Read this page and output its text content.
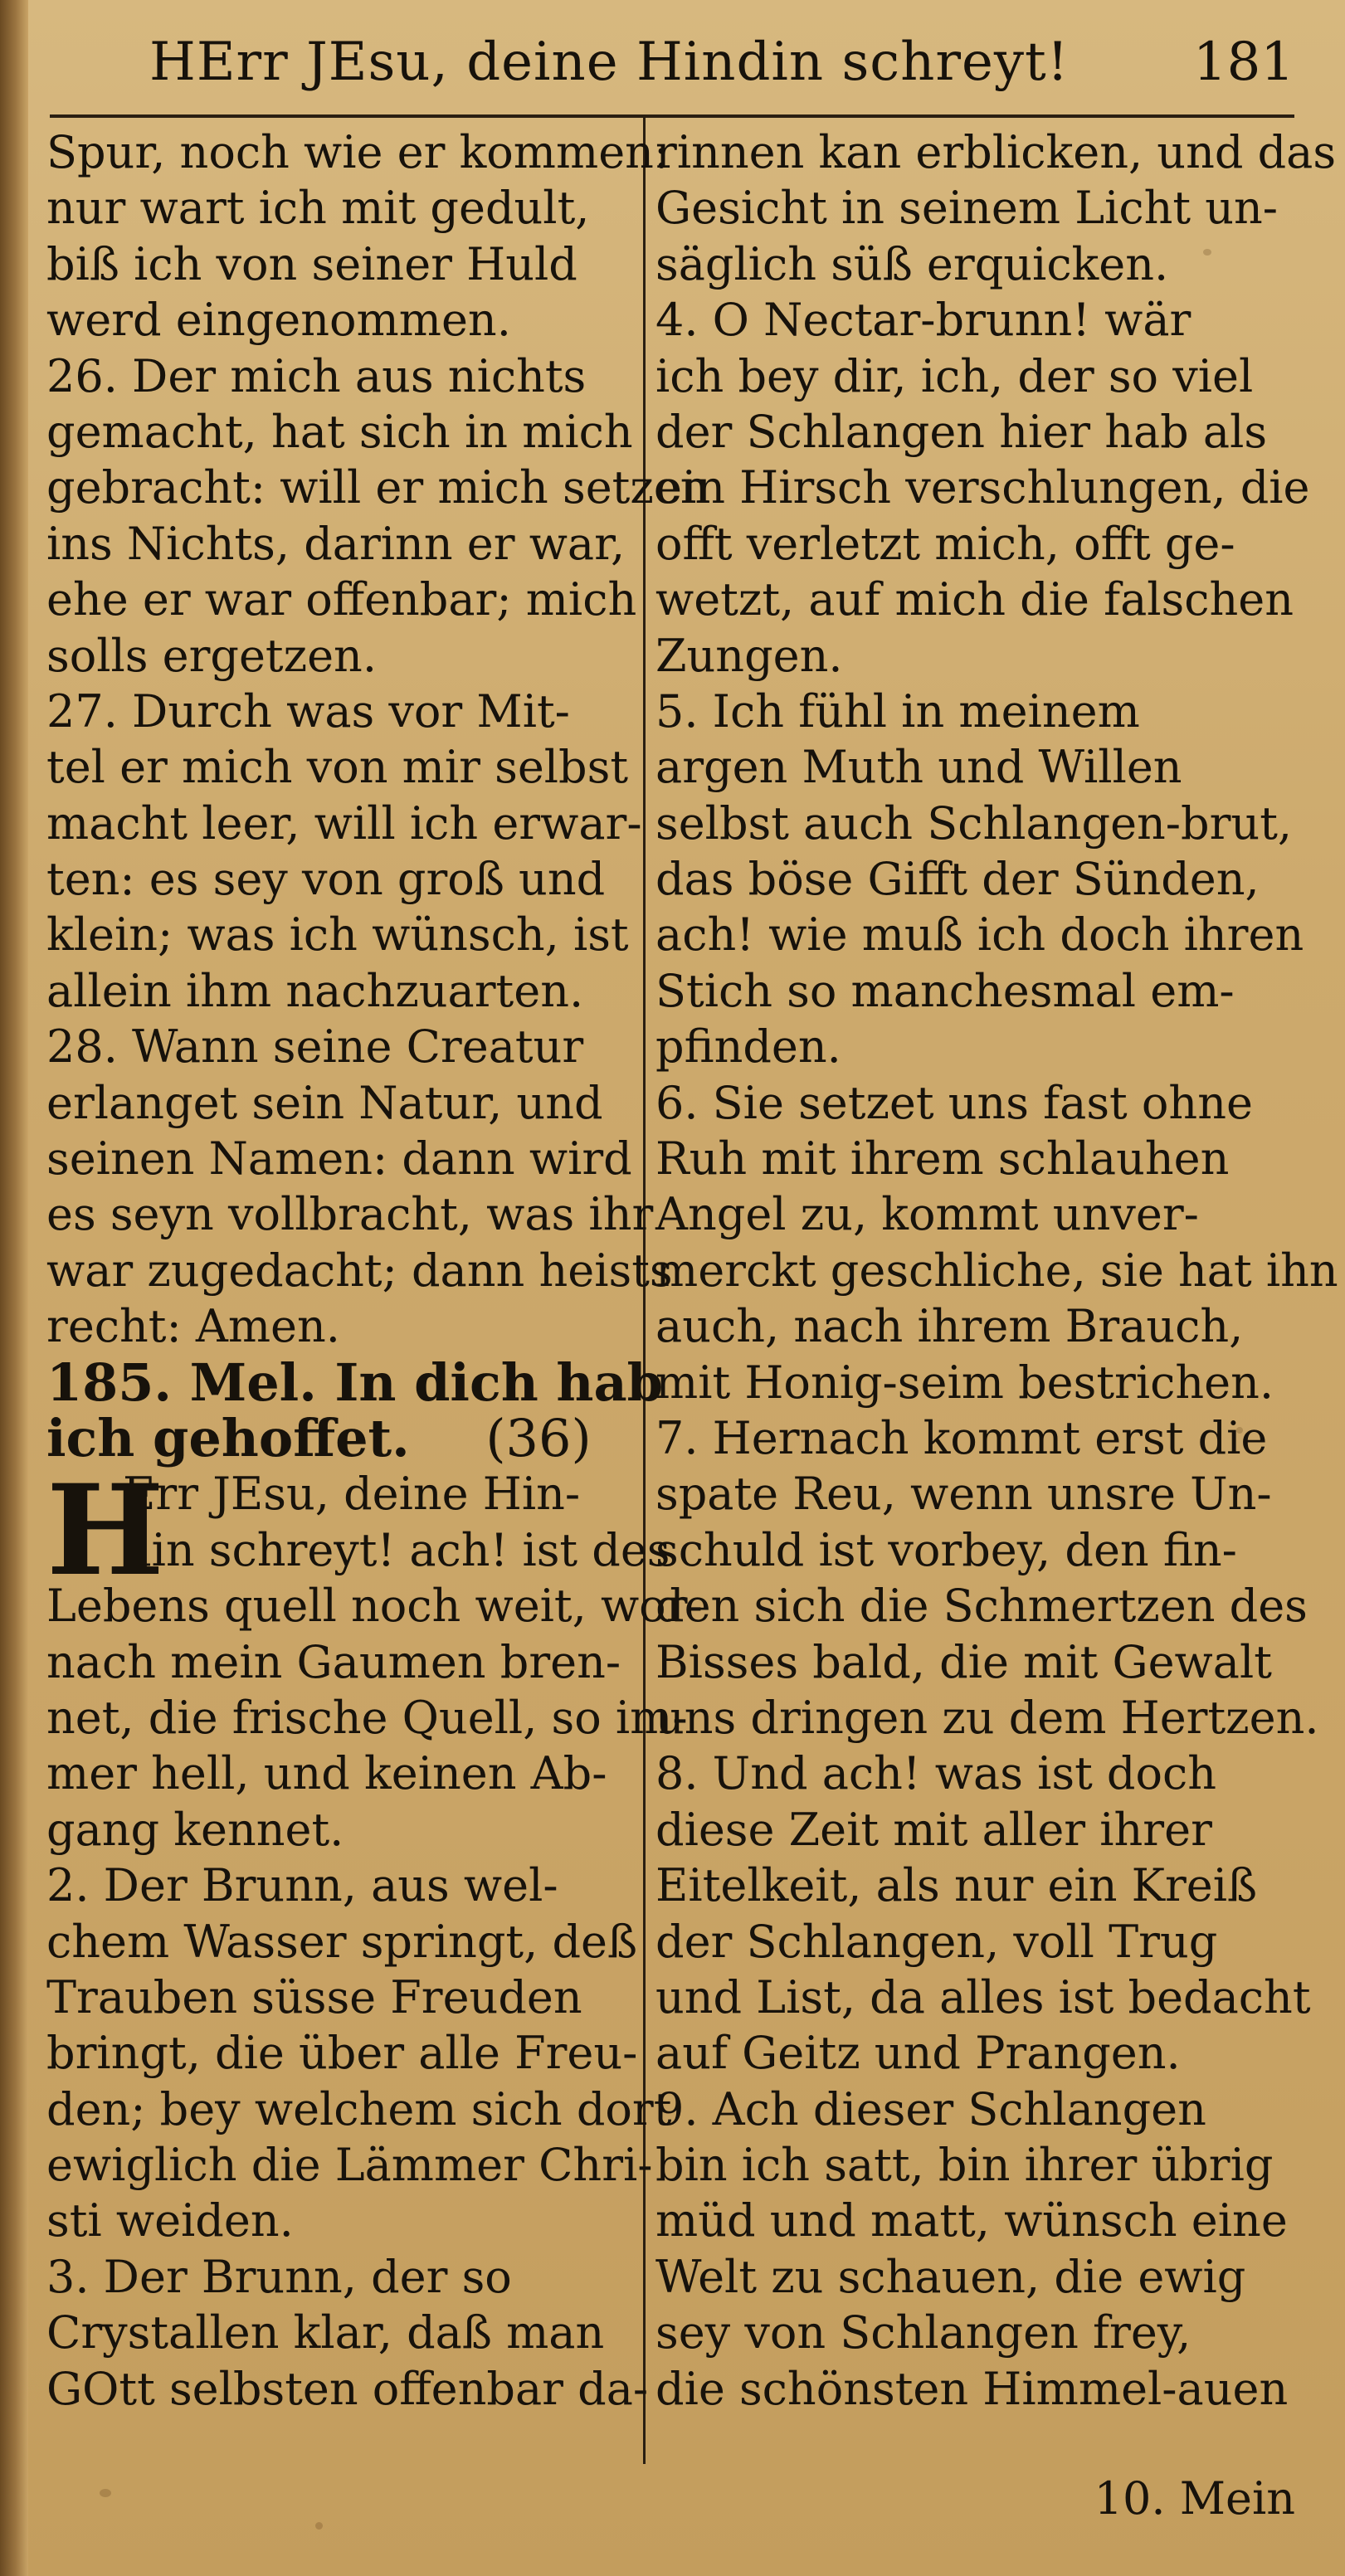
HErr JEsu, deine Hindin schreyt! 181
Spur, noch wie er kommen:
nur wart ich mit gedult,
biß ich von seiner Huld
werd eingenommen.
26. Der mich aus nichts
gemacht, hat sich in mich
gebracht: will er mich setzen
ins Nichts, darinn er war,
ehe er war offenbar; mich
solls ergetzen.
27. Durch was vor Mit-
tel er mich von mir selbst
macht leer, will ich erwar-
ten: es sey von groß und
klein; was ich wünsch, ist
allein ihm nachzuarten.
28. Wann seine Creatur
erlanget sein Natur, und
seinen Namen: dann wird
es seyn vollbracht, was ihr
war zugedacht; dann heists
recht: Amen.
185. Mel. In dich hab
ich gehoffet. (36)
H
Err JEsu, deine Hin-
din schreyt! ach! ist des
Lebens quell noch weit, wor-
nach mein Gaumen bren-
net, die frische Quell, so im-
mer hell, und keinen Ab-
gang kennet.
2. Der Brunn, aus wel-
chem Wasser springt, deß
Trauben süsse Freuden
bringt, die über alle Freu-
den; bey welchem sich dort
ewiglich die Lämmer Chri-
sti weiden.
3. Der Brunn, der so
Crystallen klar, daß man
GOtt selbsten offenbar da-
rinnen kan erblicken, und das
Gesicht in seinem Licht un-
säglich süß erquicken.
4. O Nectar-brunn! wär
ich bey dir, ich, der so viel
der Schlangen hier hab als
ein Hirsch verschlungen, die
offt verletzt mich, offt ge-
wetzt, auf mich die falschen
Zungen.
5. Ich fühl in meinem
argen Muth und Willen
selbst auch Schlangen-brut,
das böse Gifft der Sünden,
ach! wie muß ich doch ihren
Stich so manchesmal em-
pfinden.
6. Sie setzet uns fast ohne
Ruh mit ihrem schlauhen
Angel zu, kommt unver-
merckt geschliche, sie hat ihn
auch, nach ihrem Brauch,
mit Honig-seim bestrichen.
7. Hernach kommt erst die
spate Reu, wenn unsre Un-
schuld ist vorbey, den fin-
den sich die Schmertzen des
Bisses bald, die mit Gewalt
uns dringen zu dem Hertzen.
8. Und ach! was ist doch
diese Zeit mit aller ihrer
Eitelkeit, als nur ein Kreiß
der Schlangen, voll Trug
und List, da alles ist bedacht
auf Geitz und Prangen.
9. Ach dieser Schlangen
bin ich satt, bin ihrer übrig
müd und matt, wünsch eine
Welt zu schauen, die ewig
sey von Schlangen frey,
die schönsten Himmel-auen
10. Mein
